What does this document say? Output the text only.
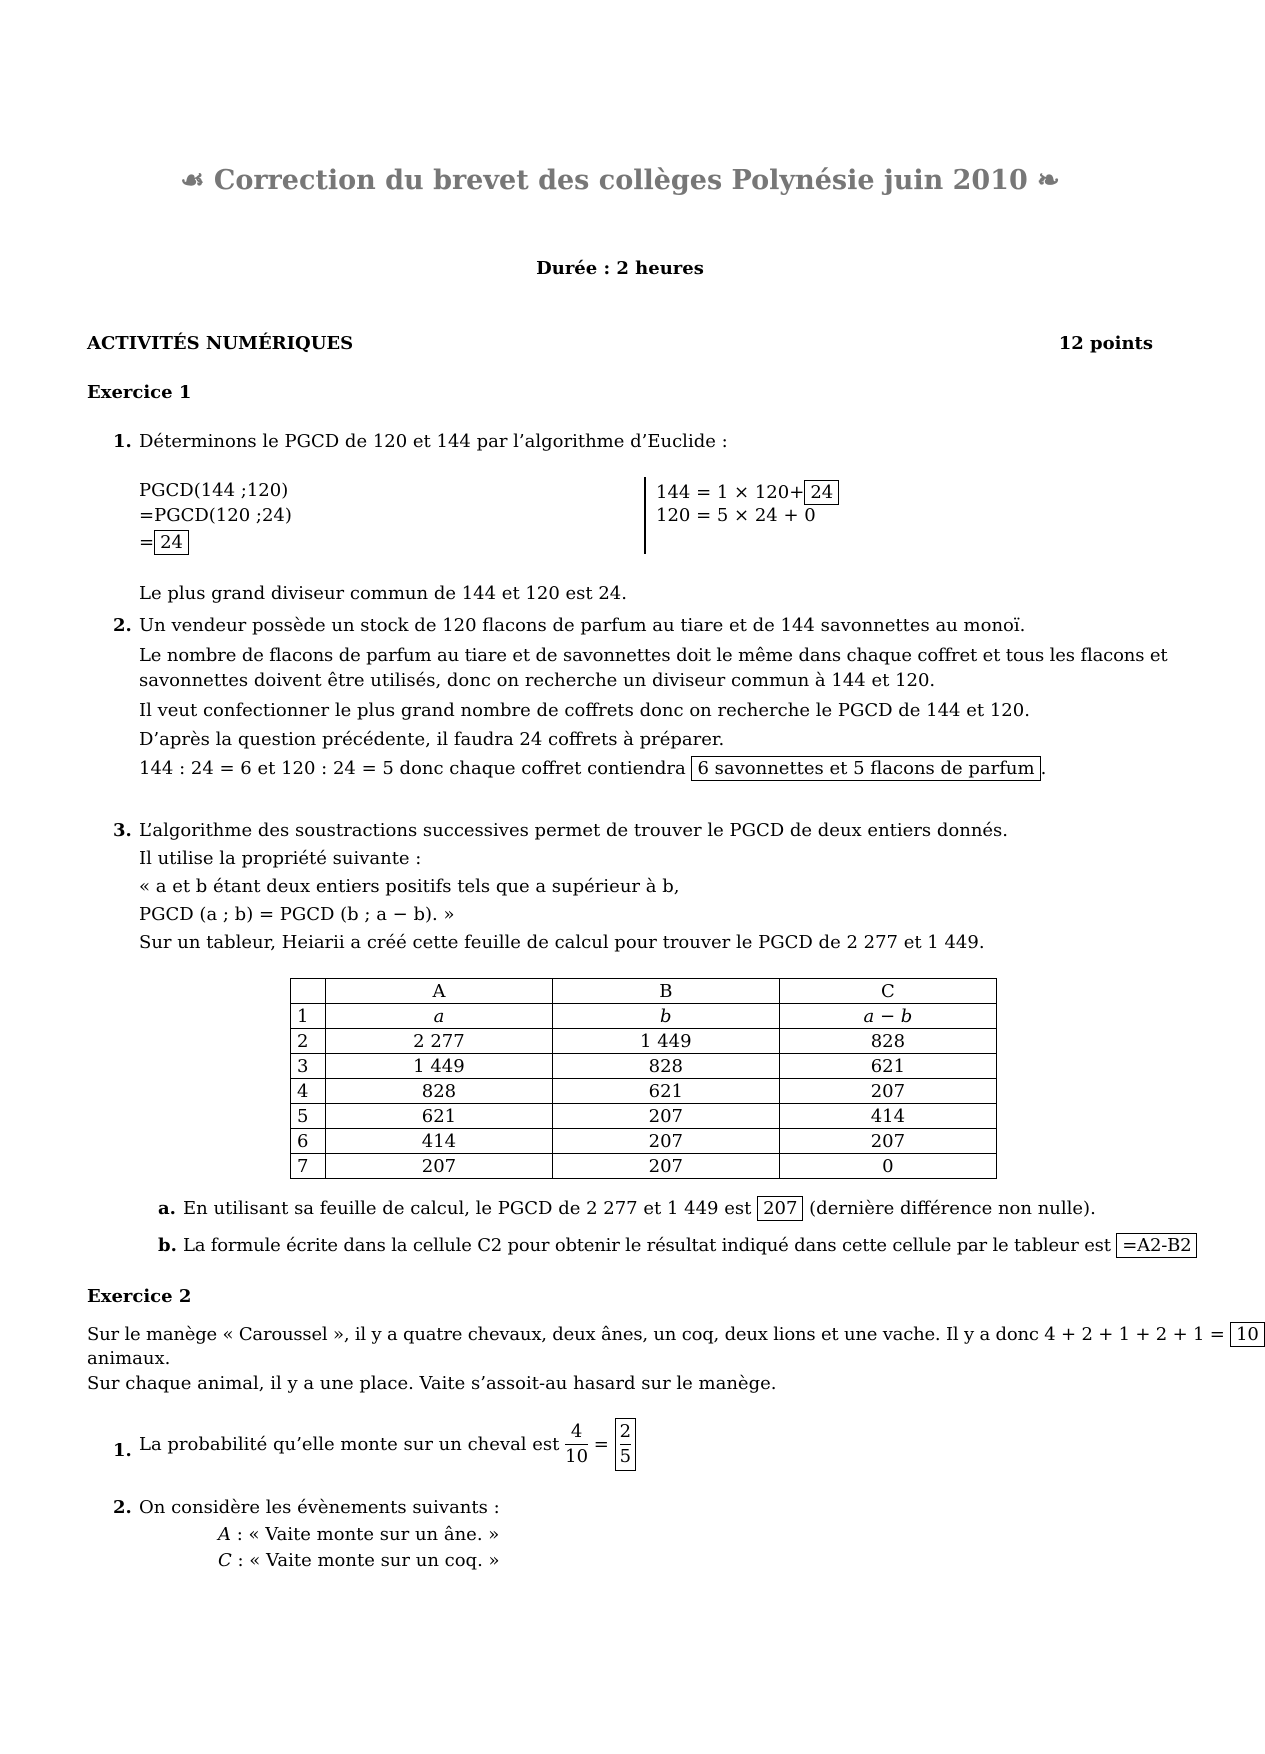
☙ Correction du brevet des collèges Polynésie juin 2010 ❧
Durée : 2 heures
ACTIVITÉS NUMÉRIQUES	12 points
Exercice 1
1. Déterminons le PGCD de 120 et 144 par l’algorithme d’Euclide :
PGCD(144 ;120)
=PGCD(120 ;24)
= 24
144 = 1 × 120+ 24
120 = 5 × 24 + 0
Le plus grand diviseur commun de 144 et 120 est 24.
2. Un vendeur possède un stock de 120 flacons de parfum au tiare et de 144 savonnettes au monoï.
Le nombre de flacons de parfum au tiare et de savonnettes doit le même dans chaque coffret et tous les flacons et
savonnettes doivent être utilisés, donc on recherche un diviseur commun à 144 et 120.
Il veut confectionner le plus grand nombre de coffrets donc on recherche le PGCD de 144 et 120.
D’après la question précédente, il faudra 24 coffrets à préparer.
144 : 24 = 6 et 120 : 24 = 5 donc chaque coffret contiendra 6 savonnettes et 5 flacons de parfum .
3. L’algorithme des soustractions successives permet de trouver le PGCD de deux entiers donnés.
Il utilise la propriété suivante :
« a et b étant deux entiers positifs tels que a supérieur à b,
PGCD (a ; b) = PGCD (b ; a − b). »
Sur un tableur, Heiarii a créé cette feuille de calcul pour trouver le PGCD de 2 277 et 1 449.
	A	B	C
1	a	b	a − b
2	2 277	1 449	828
3	1 449	828	621
4	828	621	207
5	621	207	414
6	414	207	207
7	207	207	0
a. En utilisant sa feuille de calcul, le PGCD de 2 277 et 1 449 est 207 (dernière différence non nulle).
b. La formule écrite dans la cellule C2 pour obtenir le résultat indiqué dans cette cellule par le tableur est =A2-B2
Exercice 2
Sur le manège « Caroussel », il y a quatre chevaux, deux ânes, un coq, deux lions et une vache. Il y a donc 4 + 2 + 1 + 2 + 1 = 10
animaux.
Sur chaque animal, il y a une place. Vaite s’assoit-au hasard sur le manège.
1. La probabilité qu’elle monte sur un cheval est $\frac{4}{10} = \frac{2}{5}$
2. On considère les évènements suivants :
A : « Vaite monte sur un âne. »
C : « Vaite monte sur un coq. »
